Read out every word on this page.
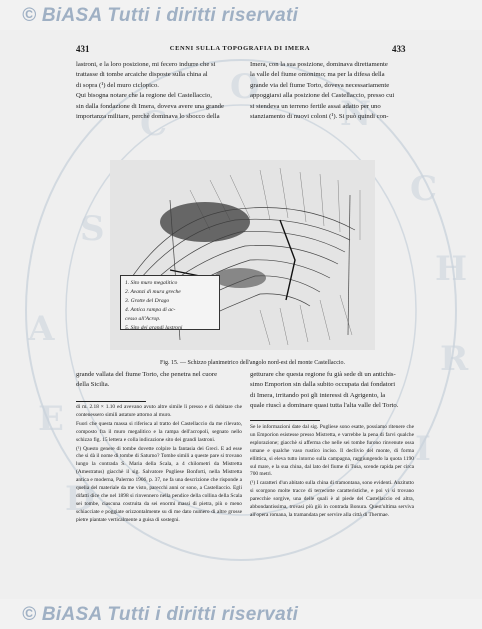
© BiASA Tutti i diritti riservati
A
E
D
S
C
O
N
C
H
R
I
431	CENNI SULLA TOPOGRAFIA DI IMERA	433

lastroni, e la loro posizione, mi fecero indurre che si

trattasse di tombe arcaiche disposte sulla china al

di sopra (¹) del muro ciclopico.

Qui bisogna notare che la regione del Castellaccio,

sin dalla fondazione di Imera, doveva avere una grande

importanza militare, perchè dominava lo sbocco della

Imera, con la sua posizione, dominava direttamente

la valle del fiume omonimo; ma per la difesa della

grande via del fiume Torto, doveva necessariamente

appoggiarsi alla posizione del Castellaccio, presso cui

si stendeva un terreno fertile assai adatto per uno

stanziamento di nuovi coloni (¹). Si può quindi con-

1. Sito muro megalitico
2. Avanzi di mura greche
3. Grotte del Drago
4. Antica rampa di ac-
cesso all'Acrop.
5. Sito dei grandi lastroni
Fig. 15. — Schizzo planimetrico dell'angolo nord-est del monte Castellaccio.

grande vallata del fiume Torto, che penetra nel cuore

della Sicilia.

getturare che questa regione fu già sede di un antichis-

simo Emporion sin dalla subito occupata dai fondatori

di Imera, irritando poi gli interessi di Agrigento, la

quale riuscì a dominare quasi tutta l'alta valle del Torto.

di m. 2.18 × 1.10 ed avevano avuto altre simile lì presso e di dubitare che contenessero simili astature attorno al muro.

Fuori che questa massa si riferisca al tratto del Castellaccio da me rilevato, composto fra il muro megalitico e la rampa dell'acropoli, segnato nello schizzo fig. 15 lettera e colla indicazione sito dei grandi lastroni.

(¹) Questo genere di tombe dovette colpire la fantasia dei Greci. E ad esse che si dà il nome di tombe di Saturno? Tombe simili a queste pare si trovano lungo la contrada S. Maria della Scala, a 4 chilometri da Mistretta (Amestratus) giacchè il sig. Salvatore Pugliese Bonforti, nella Mistretta antica e moderna, Palermo 1906, p. 37, ne fa una descrizione che risponde a quella del materiale da me visto, parecchi anni or sono, a Castellaccio. Egli difatti dice che nel 1898 si rinvennero nella pendice della collina della Scala sei tombe, ciascuna costruita da sei enormi massi di pietra, più o meno schiacciate e poggiate orizzontalmente su di me dato numero di altre grosse pietre piantate verticalmente a guisa di sostegni.

Se le informazioni date dal sig. Pugliese sono esatte, possiamo ritenere che un Emporion esistesse presso Mistretta, e varrebbe la pena di farvi qualche esplorazione; giacchè si afferma che nelle sei tombe furono rinvenute ossa umane e qualche vaso rustico inciso. Il declivio del monte, di forma ellittica, si eleva tutto intorno sulla campagna, raggiungendo la quota 1190 sul mare, e la sua china, dal lato del fiume di Tusa, scende rapida per circa 700 metri.

(¹) I caratteri d'un abitato sulla china di tramontana, sono evidenti. Anzitutto si scorgono molte tracce di terrecotte caratteristiche, e poi vi si trovano parecchie sorgive, una delle quali è al piede del Castellaccio ed altra, abbondantissima, trovasi più giù in contrada Bonura. Quest'ultima serviva all'opera romana, la tramandata per servire alla città di Thermae.

© BiASA Tutti i diritti riservati
